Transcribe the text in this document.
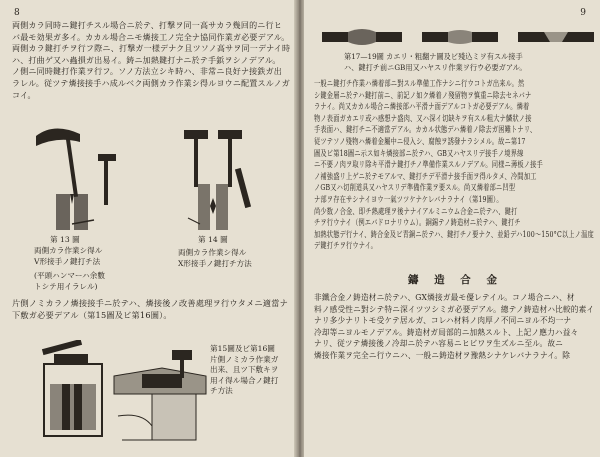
8
両側カラ同時ニ鍵打チスル場合ニ於テ、打撃ヲ同一高サカラ幾回的ニ行ヒ
バ最モ効果ガ多イ。カカル場合ニモ燐接工ノ完全ナ協同作業ガ必要デアル。
両側カラ鍵打チヲ行フ際ニ、打撃ガ一様デナク且ツソノ高サヲ同一デナイ時
ハ、打曲ゲ又ハ蟲損ガ出易イ。鋳ニ加熱鍵打ナニ於テ手鋲ヲシノデアル。
ノ側ニ同時鍵打作業ヲ行フ。ソノ方法立シキ時ハ、非常ニ良好ナ接鉄ガ出
ラレル。従ツテ燐接接手ハ成ルベク両側カラ作業シ得ルヨウニ配置スルノガ
コイ。
第 13 圖
両側カラ作業シ得ル
V形接手ノ鍵打チ法
(平頭ハンマーハ余數
トシテ用イラレル)
第 14 圖
両側カラ作業シ得ル
X形接手ノ鍵打チ方法
片側ノミカラノ燐接接手ニ於テハ、燐接後ノ改善處理ヲ行ウタメニ適當ナ
下敷ガ必要デアル（第15圖及ビ第16圖）。
第15圖及ビ第16圖
片側ノミカラ作業ガ
出来、且ツ下敷キヲ
用イ得ル場合ノ鍵打
チ方法
9
第17—19圖 カエリ・粗翻ナ圖及ビ殘込ミヲ有スル接手
ハ、鍵打チ前ニGB用又ハヤスリ作業ヲ行ウ必要ガアル。
一般ニ鍵打チ作業ハ燐着部ニ對スル準備工作ナシニ行ウコトガ出来ル。然
シ鍵金層ニ於テハ鍵打前ニ、前記ノ如ク燐着ノ殘留物ヲ慎重ニ除去セネバナ
ラナイ。尚又カカル場合ニ燐接部ハ平滑ナ面デアルコトガ必要デアル。燐着
物ノ表面ガカエリ或ハ感想ナ盛肉、又ハ深イ切缺キヲ有スル粗大ナ鱗狀ノ接
手表面ハ、鍵打チニ不適當デアル。カカル状態デハ燐着ノ除去ガ困難トナリ、
従ツテソノ殘物ハ燐着金屬中ニ侵入シ、腐蝕ヲ誘發ナラシメル。故ニ第17
圖及ビ第18圖ニ示ス如キ燐接部ニ於テハ、GB又ハヤスリデ接手ノ境界線
ニ不要ノ肉ヲ取リ除キ平滑ナ鍵打チノ準備作業スルノデアル。同様ニ薄板ノ接手
ノ補強盛リ上ゲニ於テモアルマ、鍵打チデ平滑ナ接手面ヲ得ルタメ、冷間加工
ノGB又ハ切削道具又ハヤスリデ準備作業ヲ要スル。尚又燐着部ニ凹型
ナ部ヲ存在サシナイヨウ一氣ツツケナケレバナラナイ（第19圖）。
尚少数ノ合金、即チ熱處理ヲ後ナナイアルミニウム合金ニ於テハ、鍵打
チヲ行ウナイ（例エバドロナリウム）。銅錫テノ鋳造材ニ於テハ、鍵打チ
加熱状態デ行ナイ、鋳合金及ビ青銅ニ於テハ、鍵打チノ要ナク、並鉛デハ100〜150°C以上ノ温度
デ鍵打チヲ行ウナイ。
鑄 造 合 金
非鐵合金ノ鋳造材ニ於テハ、GX燐接ガ最モ優レテイル。コノ場合ニハ、材
料ノ感受性ニ對シテ特ニ深イツツシミガ必要デアル。總テノ鋳造材ハ比較的素イ
ナリ多少ナリトモ受ケテ居ルガ、コレハ材料ノ肉厚ノ不同ニヨル不均一ナ
冷却等ニヨルモノデアル。鋳造材ガ局部的ニ加熱スルト、上記ノ應力ハ益々
ナリ、従ツテ燐接後ノ冷却ニ於テハ容易ニヒビワヲ生ズルニ至ル。故ニ
燐接作業ヲ完全ニ行ウニハ、一般ニ鋳造材ヲ豫熱シナケレバナラナイ。除
